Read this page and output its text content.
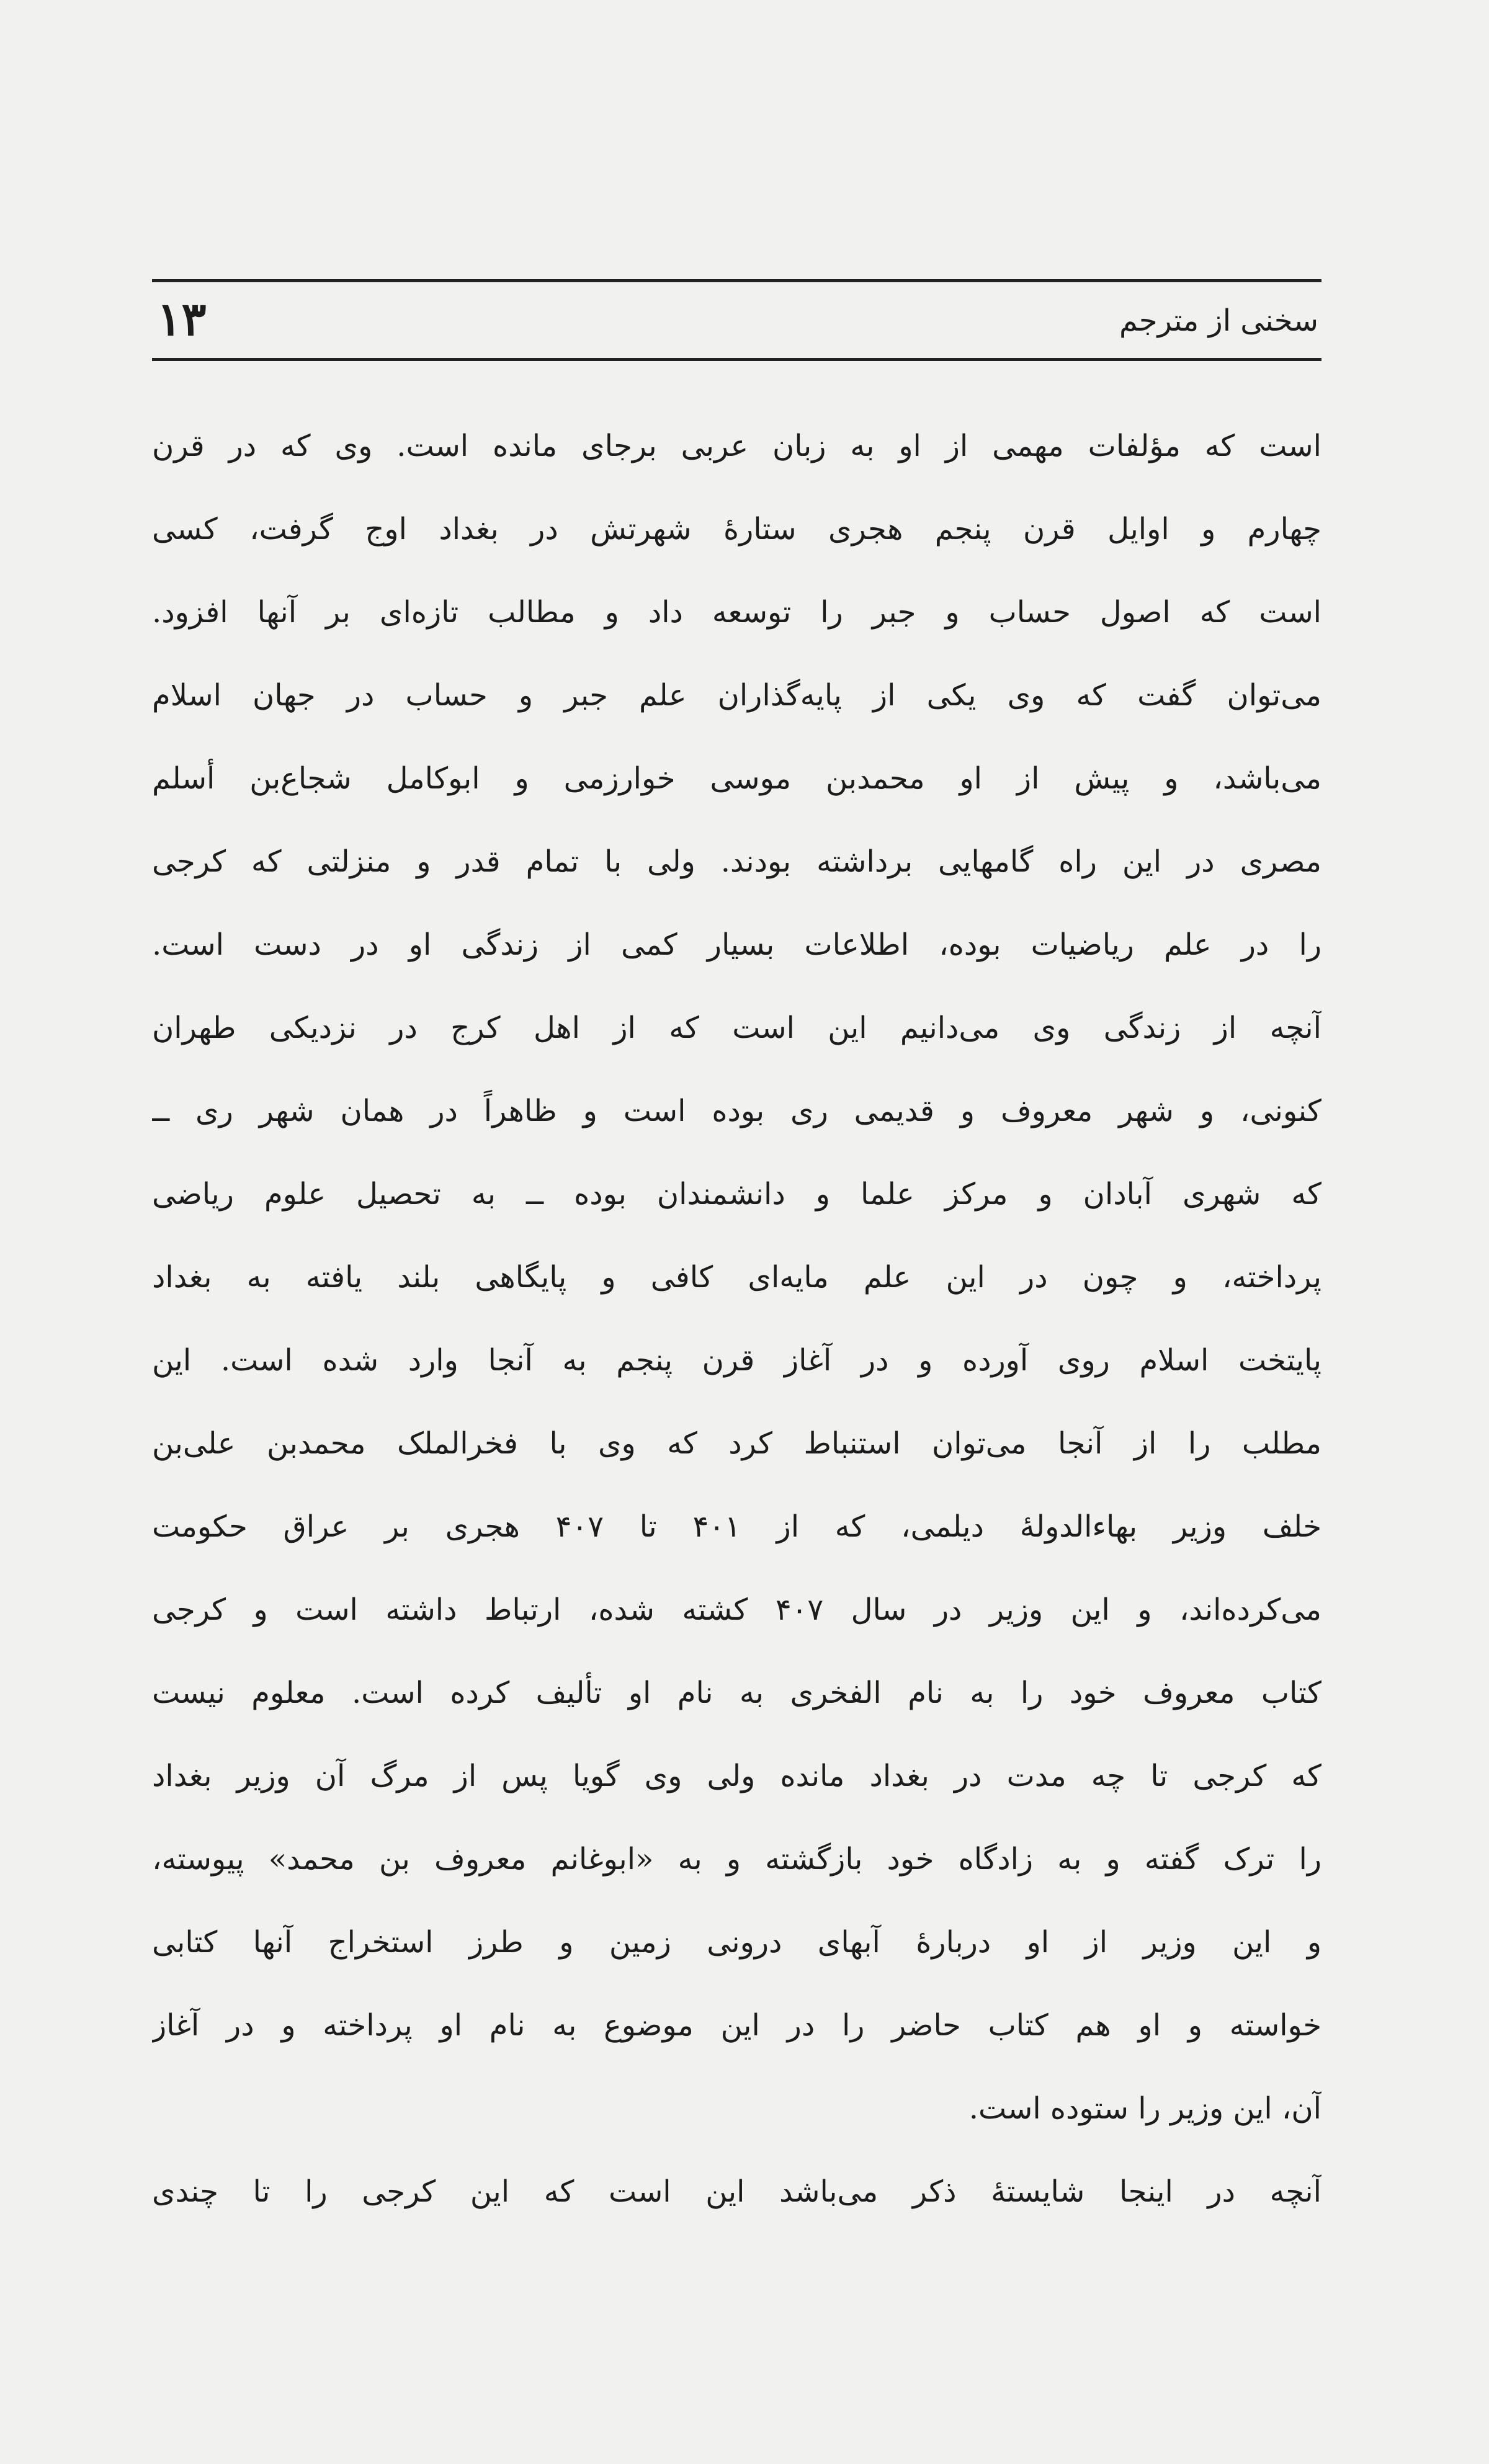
سخنی از مترجم
۱۳
است که مؤلفات مهمی از او به زبان عربی برجای مانده است. وی که در قرن
چهارم و اوایل قرن پنجم هجری ستارهٔ شهرتش در بغداد اوج گرفت، کسی
است که اصول حساب و جبر را توسعه داد و مطالب تازه‌ای بر آنها افزود.
می‌توان گفت که وی یکی از پایه‌گذاران علم جبر و حساب در جهان اسلام
می‌باشد، و پیش از او محمدبن موسی خوارزمی و ابوکامل شجاع‌بن أسلم
مصری در این راه گامهایی برداشته بودند. ولی با تمام قدر و منزلتی که کرجی
را در علم ریاضیات بوده، اطلاعات بسیار کمی از زندگی او در دست است.
آنچه از زندگی وی می‌دانیم این است که از اهل کرج در نزدیکی طهران
کنونی، و شهر معروف و قدیمی ری بوده است و ظاهراً در همان شهر ری ــ
که شهری آبادان و مرکز علما و دانشمندان بوده ــ به تحصیل علوم ریاضی
پرداخته، و چون در این علم مایه‌ای کافی و پایگاهی بلند یافته به بغداد
پایتخت اسلام روی آورده و در آغاز قرن پنجم به آنجا وارد شده است. این
مطلب را از آنجا می‌توان استنباط کرد که وی با فخرالملک محمدبن علی‌بن
خلف وزیر بهاءالدولهٔ دیلمی، که از ۴۰۱ تا ۴۰۷ هجری بر عراق حکومت
می‌کرده‌اند، و این وزیر در سال ۴۰۷ کشته شده، ارتباط داشته است و کرجی
کتاب معروف خود را به نام الفخری به نام او تألیف کرده است. معلوم نیست
که کرجی تا چه مدت در بغداد مانده ولی وی گویا پس از مرگ آن وزیر بغداد
را ترک گفته و به زادگاه خود بازگشته و به «ابوغانم معروف بن محمد» پیوسته،
و این وزیر از او دربارهٔ آبهای درونی زمین و طرز استخراج آنها کتابی
خواسته و او هم کتاب حاضر را در این موضوع به نام او پرداخته و در آغاز
آن، این وزیر را ستوده است.
آنچه در اینجا شایستهٔ ذکر می‌باشد این است که این کرجی را تا چندی
